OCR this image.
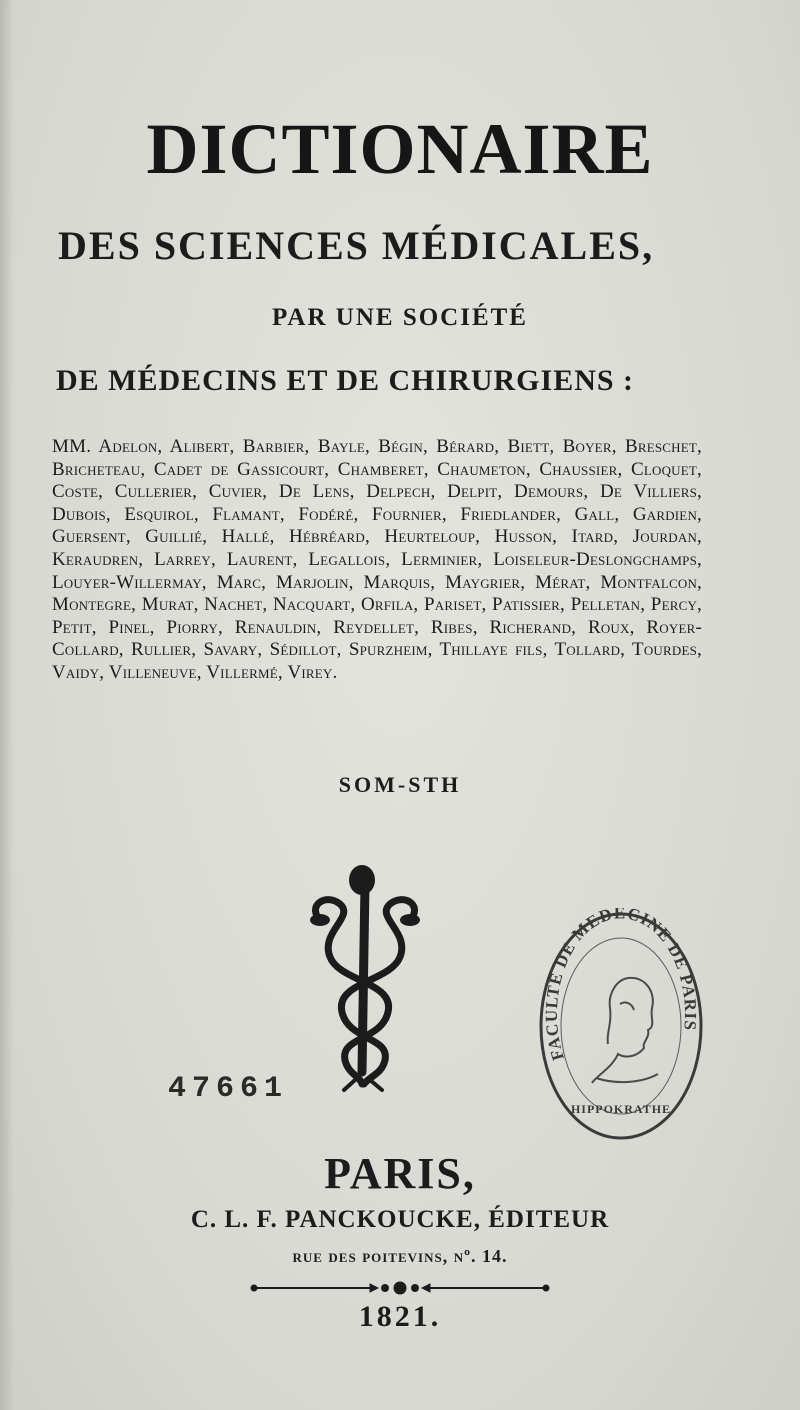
DICTIONAIRE
DES SCIENCES MÉDICALES,
PAR UNE SOCIÉTÉ
DE MÉDECINS ET DE CHIRURGIENS :
MM. Adelon, Alibert, Barbier, Bayle, Bégin, Bérard, Biett, Boyer, Breschet, Bricheteau, Cadet de Gassicourt, Chamberet, Chaumeton, Chaussier, Cloquet, Coste, Cullerier, Cuvier, De Lens, Delpech, Delpit, Demours, De Villiers, Dubois, Esquirol, Flamant, Fodéré, Fournier, Friedlander, Gall, Gardien, Guersent, Guillié, Hallé, Hébréard, Heurteloup, Husson, Itard, Jourdan, Keraudren, Larrey, Laurent, Legallois, Lerminier, Loiseleur-Deslongchamps, Louyer-Willermay, Marc, Marjolin, Marquis, Maygrier, Mérat, Montfalcon, Montegre, Murat, Nachet, Nacquart, Orfila, Pariset, Patissier, Pelletan, Percy, Petit, Pinel, Piorry, Renauldin, Reydellet, Ribes, Richerand, Roux, Royer-Collard, Rullier, Savary, Sédillot, Spurzheim, Thillaye fils, Tollard, Tourdes, Vaidy, Villeneuve, Villermé, Virey.
SOM-STH
47661
FACULTE DE MEDECINE DE PARIS
HIPPOKRATHE
PARIS,
C. L. F. PANCKOUCKE, ÉDITEUR
rue des poitevins, nº. 14.
1821.
